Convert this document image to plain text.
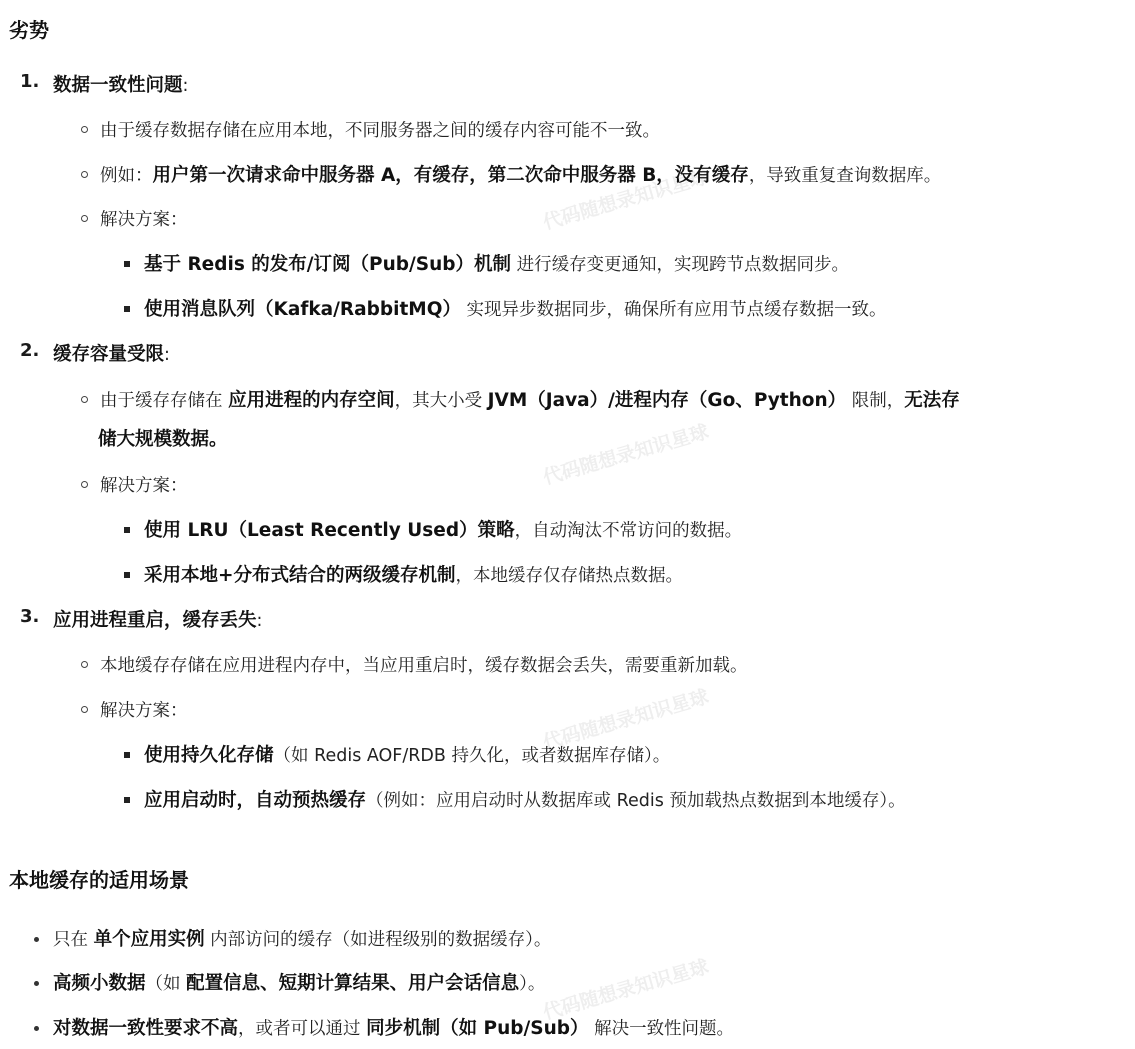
代码随想录知识星球
代码随想录知识星球
代码随想录知识星球
代码随想录知识星球
劣势
1. 数据一致性问题:
由于缓存数据存储在应用本地，不同服务器之间的缓存内容可能不一致。
例如：用户第一次请求命中服务器 A，有缓存，第二次命中服务器 B，没有缓存，导致重复查询数据库。
解决方案：
基于 Redis 的发布/订阅（Pub/Sub）机制 进行缓存变更通知，实现跨节点数据同步。
使用消息队列（Kafka/RabbitMQ） 实现异步数据同步，确保所有应用节点缓存数据一致。
2. 缓存容量受限:
由于缓存存储在 应用进程的内存空间，其大小受 JVM（Java）/进程内存（Go、Python） 限制，无法存
储大规模数据。
解决方案：
使用 LRU（Least Recently Used）策略，自动淘汰不常访问的数据。
采用本地+分布式结合的两级缓存机制，本地缓存仅存储热点数据。
3. 应用进程重启，缓存丢失:
本地缓存存储在应用进程内存中，当应用重启时，缓存数据会丢失，需要重新加载。
解决方案：
使用持久化存储（如 Redis AOF/RDB 持久化，或者数据库存储）。
应用启动时，自动预热缓存（例如：应用启动时从数据库或 Redis 预加载热点数据到本地缓存）。
本地缓存的适用场景
只在 单个应用实例 内部访问的缓存（如进程级别的数据缓存）。
高频小数据（如 配置信息、短期计算结果、用户会话信息）。
对数据一致性要求不高，或者可以通过 同步机制（如 Pub/Sub） 解决一致性问题。
